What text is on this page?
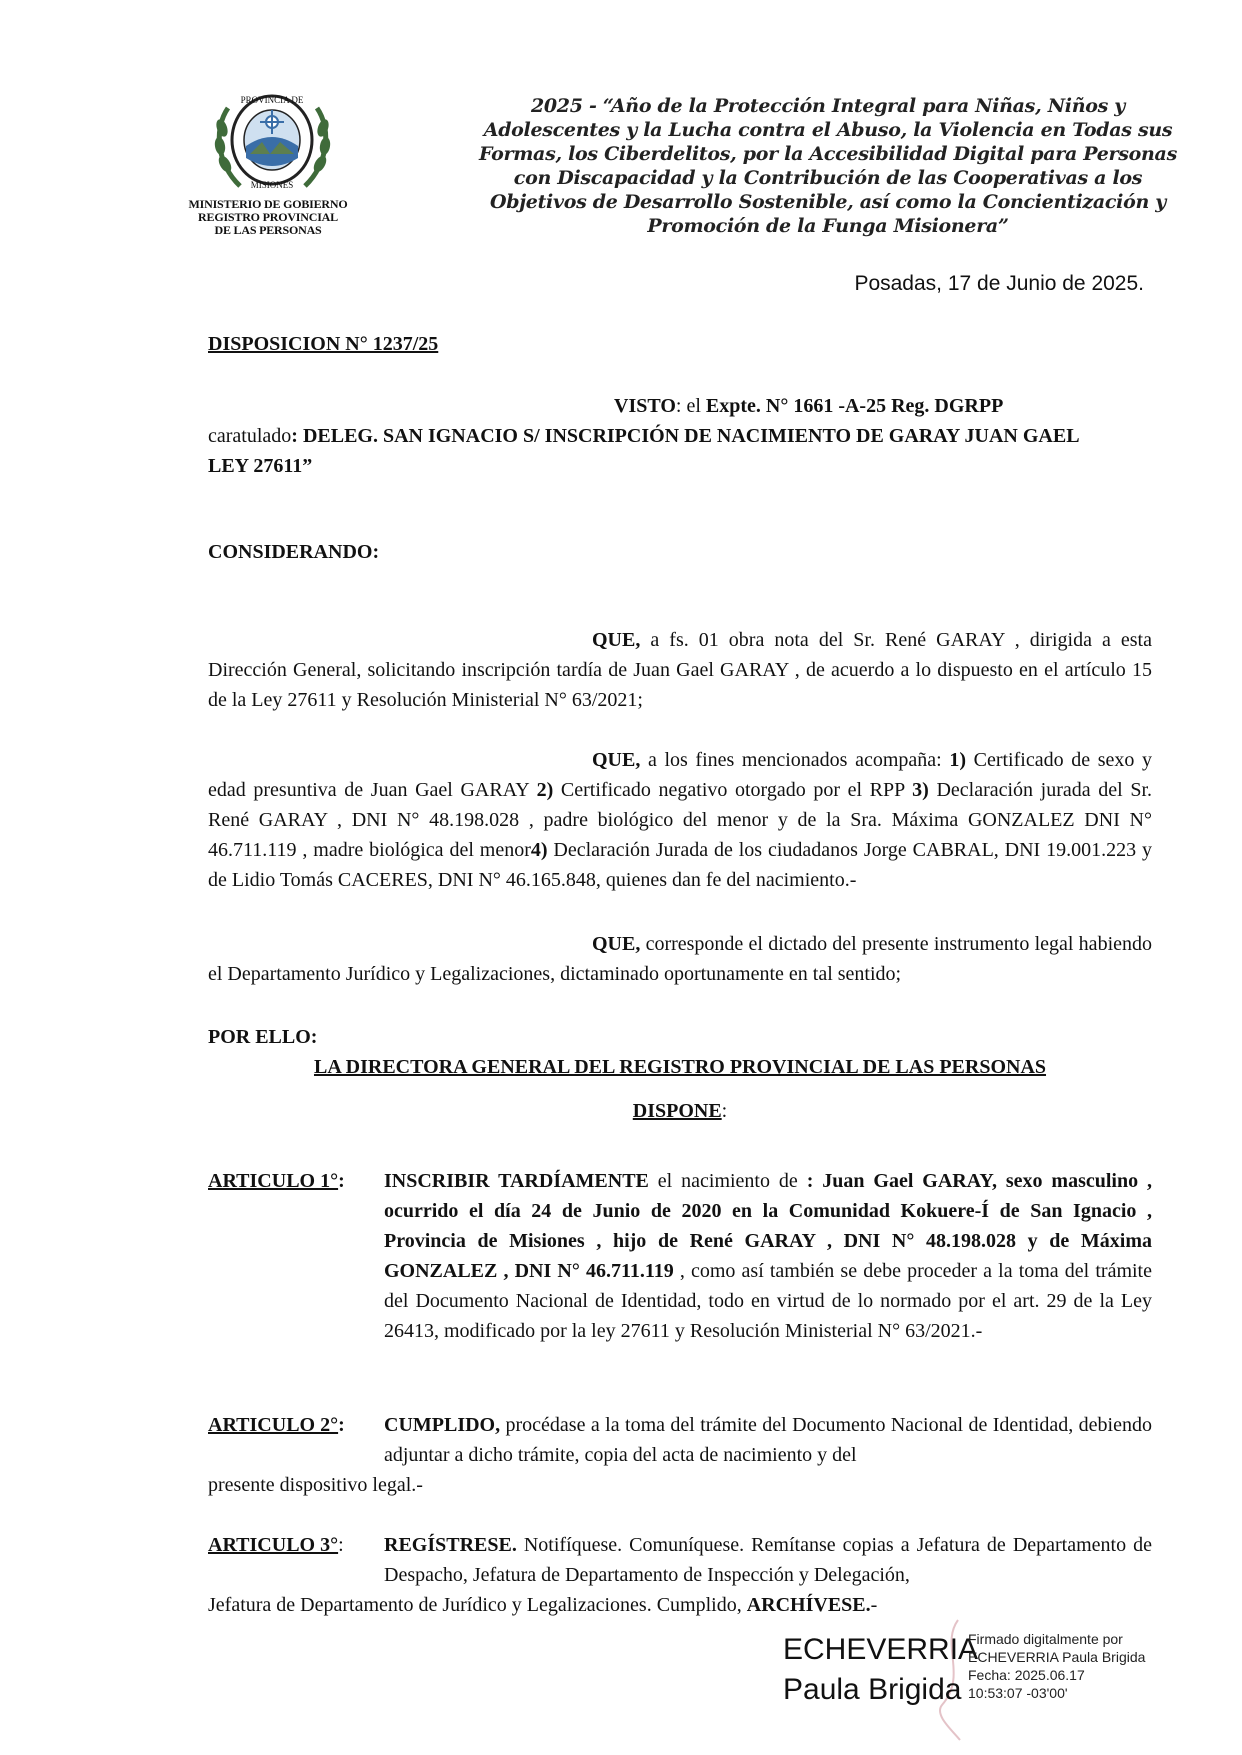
PROVINCIA DE
MISIONES
MINISTERIO DE GOBIERNO
REGISTRO PROVINCIAL
DE LAS PERSONAS
2025 - “Año de la Protección Integral para Niñas, Niños y Adolescentes y la Lucha contra el Abuso, la Violencia en Todas sus Formas, los Ciberdelitos, por la Accesibilidad Digital para Personas con Discapacidad y la Contribución de las Cooperativas a los Objetivos de Desarrollo Sostenible, así como la Concientización y Promoción de la Funga Misionera”
Posadas, 17 de Junio de 2025.
DISPOSICION N° 1237/25
VISTO: el Expte. N° 1661 -A-25 Reg. DGRPP
caratulado: DELEG. SAN IGNACIO S/ INSCRIPCIÓN DE NACIMIENTO DE GARAY JUAN GAEL LEY 27611”
CONSIDERANDO:
QUE, a fs. 01 obra nota del Sr. René GARAY , dirigida a esta Dirección General, solicitando inscripción tardía de Juan Gael GARAY , de acuerdo a lo dispuesto en el artículo 15 de la Ley 27611 y Resolución Ministerial N° 63/2021;
QUE, a los fines mencionados acompaña: 1) Certificado de sexo y edad presuntiva de Juan Gael GARAY 2) Certificado negativo otorgado por el RPP 3) Declaración jurada del Sr. René GARAY , DNI N° 48.198.028 , padre biológico del menor y de la Sra. Máxima GONZALEZ DNI N° 46.711.119 , madre biológica del menor4) Declaración Jurada de los ciudadanos Jorge CABRAL, DNI 19.001.223 y de Lidio Tomás CACERES, DNI N° 46.165.848, quienes dan fe del nacimiento.-
QUE, corresponde el dictado del presente instrumento legal habiendo el Departamento Jurídico y Legalizaciones, dictaminado oportunamente en tal sentido;
POR ELLO:
LA DIRECTORA GENERAL DEL REGISTRO PROVINCIAL DE LAS PERSONAS
DISPONE:
ARTICULO 1°: INSCRIBIR TARDÍAMENTE el nacimiento de : Juan Gael GARAY, sexo masculino , ocurrido el día 24 de Junio de 2020 en la Comunidad Kokuere-Í de San Ignacio , Provincia de Misiones , hijo de René GARAY , DNI N° 48.198.028 y de Máxima GONZALEZ , DNI N° 46.711.119 , como así también se debe proceder a la toma del trámite del Documento Nacional de Identidad, todo en virtud de lo normado por el art. 29 de la Ley 26413, modificado por la ley 27611 y Resolución Ministerial N° 63/2021.-
ARTICULO 2°: CUMPLIDO, procédase a la toma del trámite del Documento Nacional de Identidad, debiendo adjuntar a dicho trámite, copia del acta de nacimiento y del
presente dispositivo legal.-
ARTICULO 3°: REGÍSTRESE. Notifíquese. Comuníquese. Remítanse copias a Jefatura de Departamento de Despacho, Jefatura de Departamento de Inspección y Delegación,
Jefatura de Departamento de Jurídico y Legalizaciones. Cumplido, ARCHÍVESE.-
ECHEVERRIA
Paula Brigida
Firmado digitalmente por
ECHEVERRIA Paula Brigida
Fecha: 2025.06.17
10:53:07 -03'00'
